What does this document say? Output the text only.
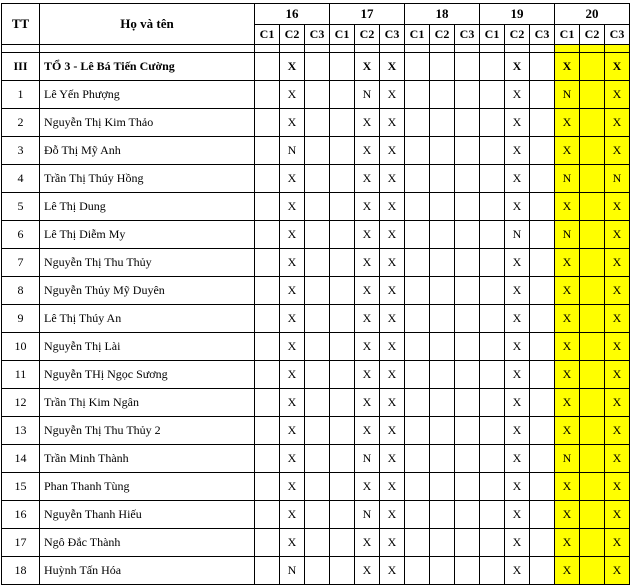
TT	Họ và tên	16			17			18			19			20		
		C1	C2	C3	C1	C2	C3	C1	C2	C3	C1	C2	C3	C1	C2	C3

III	TỔ 3 - Lê Bá Tiến Cường		X			X	X					X		X		X
1	Lê Yến Phượng		X			N	X					X		N		X
2	Nguyễn Thị Kim Thảo		X			X	X					X		X		X
3	Đỗ Thị Mỹ Anh		N			X	X					X		X		X
4	Trần Thị Thúy Hồng		X			X	X					X		N		N
5	Lê Thị Dung		X			X	X					X		X		X
6	Lê Thị Diễm My		X			X	X					N		N		X
7	Nguyễn Thị Thu Thủy		X			X	X					X		X		X
8	Nguyễn Thủy Mỹ Duyên		X			X	X					X		X		X
9	Lê Thị Thúy An		X			X	X					X		X		X
10	Nguyễn Thị Lài		X			X	X					X		X		X
11	Nguyễn THị Ngọc Sương		X			X	X					X		X		X
12	Trần Thị Kim Ngân		X			X	X					X		X		X
13	Nguyễn Thị Thu Thủy 2		X			X	X					X		X		X
14	Trần Minh Thành		X			N	X					X		N		X
15	Phan Thanh Tùng		X			X	X					X		X		X
16	Nguyễn Thanh Hiếu		X			N	X					X		X		X
17	Ngô Đắc Thành		X			X	X					X		X		X
18	Huỳnh Tấn Hóa		N			X	X					X		X		X
